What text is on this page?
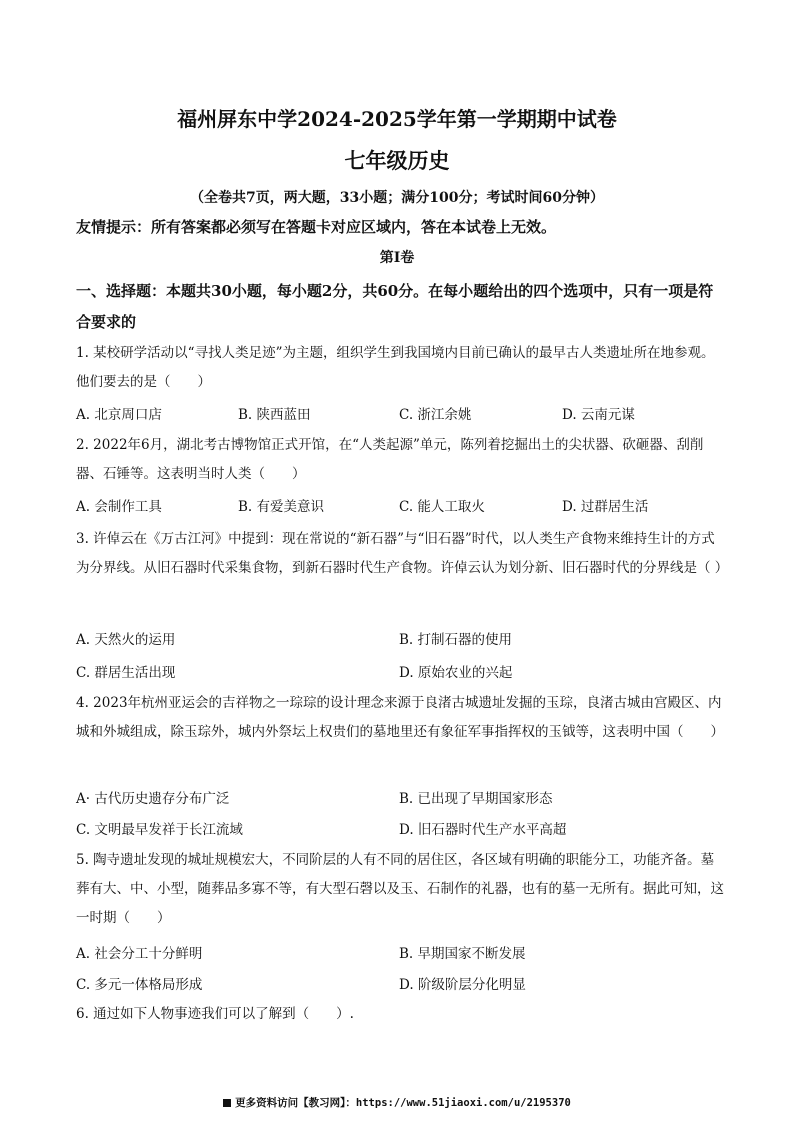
福州屏东中学2024-2025学年第一学期期中试卷
七年级历史
（全卷共7页，两大题，33小题；满分100分；考试时间60分钟）
友情提示：所有答案都必须写在答题卡对应区域内，答在本试卷上无效。
第Ⅰ卷
一、选择题：本题共30小题，每小题2分，共60分。在每小题给出的四个选项中，只有一项是符合要求的
1. 某校研学活动以“寻找人类足迹”为主题，组织学生到我国境内目前已确认的最早古人类遗址所在地参观。他们要去的是（　　）
A. 北京周口店	B. 陕西蓝田	C. 浙江余姚	D. 云南元谋
2. 2022年6月，湖北考古博物馆正式开馆，在“人类起源”单元，陈列着挖掘出土的尖状器、砍砸器、刮削器、石锤等。这表明当时人类（　　）
A. 会制作工具	B. 有爱美意识	C. 能人工取火	D. 过群居生活
3. 许倬云在《万古江河》中提到：现在常说的“新石器”与“旧石器”时代，以人类生产食物来维持生计的方式为分界线。从旧石器时代采集食物，到新石器时代生产食物。许倬云认为划分新、旧石器时代的分界线是（ ）
A. 天然火的运用	B. 打制石器的使用
C. 群居生活出现	D. 原始农业的兴起
4. 2023年杭州亚运会的吉祥物之一琮琮的设计理念来源于良渚古城遗址发掘的玉琮，良渚古城由宫殿区、内城和外城组成，除玉琮外，城内外祭坛上权贵们的墓地里还有象征军事指挥权的玉钺等，这表明中国（　　）
A· 古代历史遗存分布广泛	B. 已出现了早期国家形态
C. 文明最早发祥于长江流域	D. 旧石器时代生产水平高超
5. 陶寺遗址发现的城址规模宏大，不同阶层的人有不同的居住区，各区域有明确的职能分工，功能齐备。墓葬有大、中、小型，随葬品多寡不等，有大型石磬以及玉、石制作的礼器，也有的墓一无所有。据此可知，这一时期（　　）
A. 社会分工十分鲜明	B. 早期国家不断发展
C. 多元一体格局形成	D. 阶级阶层分化明显
6. 通过如下人物事迹我们可以了解到（　　）.
更多资料访问【教习网】：https://www.51jiaoxi.com/u/2195370
